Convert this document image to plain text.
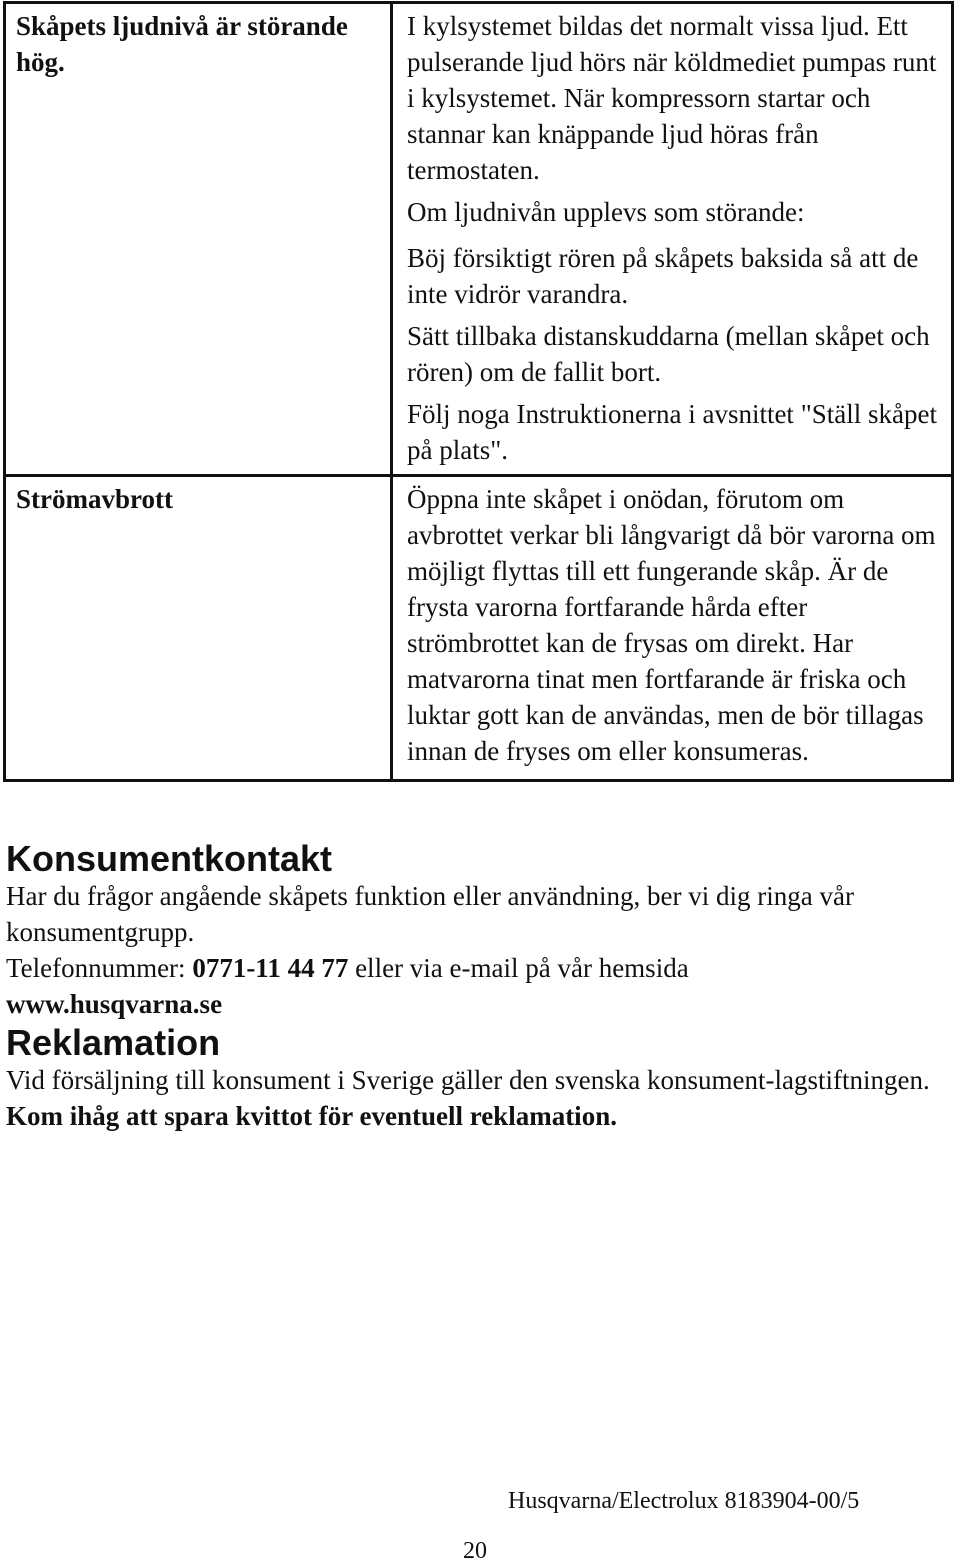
Skåpets ljudnivå är störande hög.	I kylsystemet bildas det normalt vissa ljud. Ett pulserande ljud hörs när köldmediet pumpas runt i kylsystemet. När kompressorn startar och stannar kan knäppande ljud höras från termostaten.

Om ljudnivån upplevs som störande:

Böj försiktigt rören på skåpets baksida så att de inte vidrör varandra.

Sätt tillbaka distanskuddarna (mellan skåpet och rören) om de fallit bort.

Följ noga Instruktionerna i avsnittet "Ställ skåpet på plats".

Strömavbrott	Öppna inte skåpet i onödan, förutom om avbrottet verkar bli långvarigt då bör varorna om möjligt flyttas till ett fungerande skåp. Är de frysta varorna fortfarande hårda efter strömbrottet kan de frysas om direkt. Har matvarorna tinat men fortfarande är friska och luktar gott kan de användas, men de bör tillagas innan de fryses om eller konsumeras.

Konsumentkontakt
Har du frågor angående skåpets funktion eller användning, ber vi dig ringa vår konsumentgrupp.
Telefonnummer: 0771-11 44 77 eller via e-mail på vår hemsida
www.husqvarna.se
Reklamation
Vid försäljning till konsument i Sverige gäller den svenska konsument-lagstiftningen. Kom ihåg att spara kvittot för eventuell reklamation.
Husqvarna/Electrolux 8183904-00/5
20
